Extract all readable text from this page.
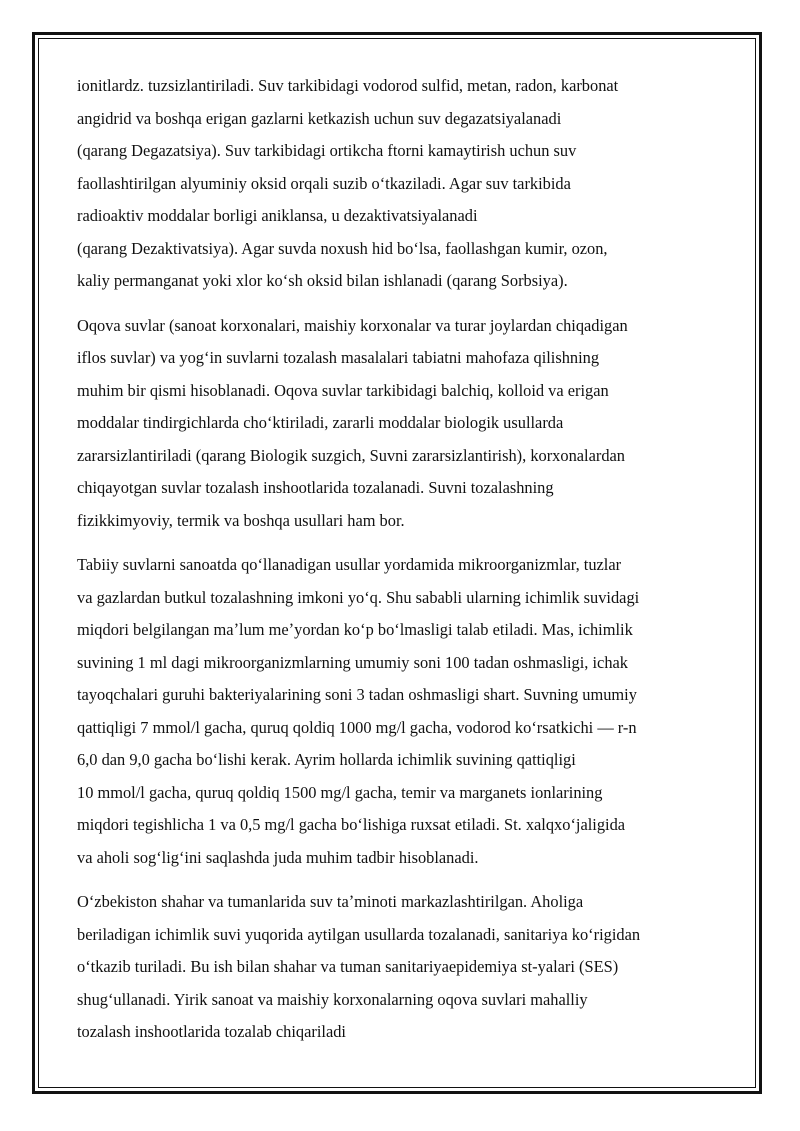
ionitlardz. tuzsizlantiriladi. Suv tarkibidagi vodorod sulfid, metan, radon, karbonat
angidrid va boshqa erigan gazlarni ketkazish uchun suv degazatsiyalanadi
(qarang Degazatsiya). Suv tarkibidagi ortikcha ftorni kamaytirish uchun suv
faollashtirilgan alyuminiy oksid orqali suzib oʻtkaziladi. Agar suv tarkibida
radioaktiv moddalar borligi aniklansa, u dezaktivatsiyalanadi
(qarang Dezaktivatsiya). Agar suvda noxush hid boʻlsa, faollashgan kumir, ozon,
kaliy permanganat yoki xlor koʻsh oksid bilan ishlanadi (qarang Sorbsiya).
Oqova suvlar (sanoat korxonalari, maishiy korxonalar va turar joylardan chiqadigan
iflos suvlar) va yogʻin suvlarni tozalash masalalari tabiatni mahofaza qilishning
muhim bir qismi hisoblanadi. Oqova suvlar tarkibidagi balchiq, kolloid va erigan
moddalar tindirgichlarda choʻktiriladi, zararli moddalar biologik usullarda
zararsizlantiriladi (qarang Biologik suzgich, Suvni zararsizlantirish), korxonalardan
chiqayotgan suvlar tozalash inshootlarida tozalanadi. Suvni tozalashning
fizikkimyoviy, termik va boshqa usullari ham bor.
Tabiiy suvlarni sanoatda qoʻllanadigan usullar yordamida mikroorganizmlar, tuzlar
va gazlardan butkul tozalashning imkoni yoʻq. Shu sababli ularning ichimlik suvidagi
miqdori belgilangan maʼlum meʼyordan koʻp boʻlmasligi talab etiladi. Mas, ichimlik
suvining 1 ml dagi mikroorganizmlarning umumiy soni 100 tadan oshmasligi, ichak
tayoqchalari guruhi bakteriyalarining soni 3 tadan oshmasligi shart. Suvning umumiy
qattiqligi 7 mmol/l gacha, quruq qoldiq 1000 mg/l gacha, vodorod koʻrsatkichi — r-n
6,0 dan 9,0 gacha boʻlishi kerak. Ayrim hollarda ichimlik suvining qattiqligi
10 mmol/l gacha, quruq qoldiq 1500 mg/l gacha, temir va marganets ionlarining
miqdori tegishlicha 1 va 0,5 mg/l gacha boʻlishiga ruxsat etiladi. St. xalqxoʻjaligida
va aholi sogʻligʻini saqlashda juda muhim tadbir hisoblanadi.
Oʻzbekiston shahar va tumanlarida suv taʼminoti markazlashtirilgan. Aholiga
beriladigan ichimlik suvi yuqorida aytilgan usullarda tozalanadi, sanitariya koʻrigidan
oʻtkazib turiladi. Bu ish bilan shahar va tuman sanitariyaepidemiya st-yalari (SES)
shugʻullanadi. Yirik sanoat va maishiy korxonalarning oqova suvlari mahalliy
tozalash inshootlarida tozalab chiqariladi
